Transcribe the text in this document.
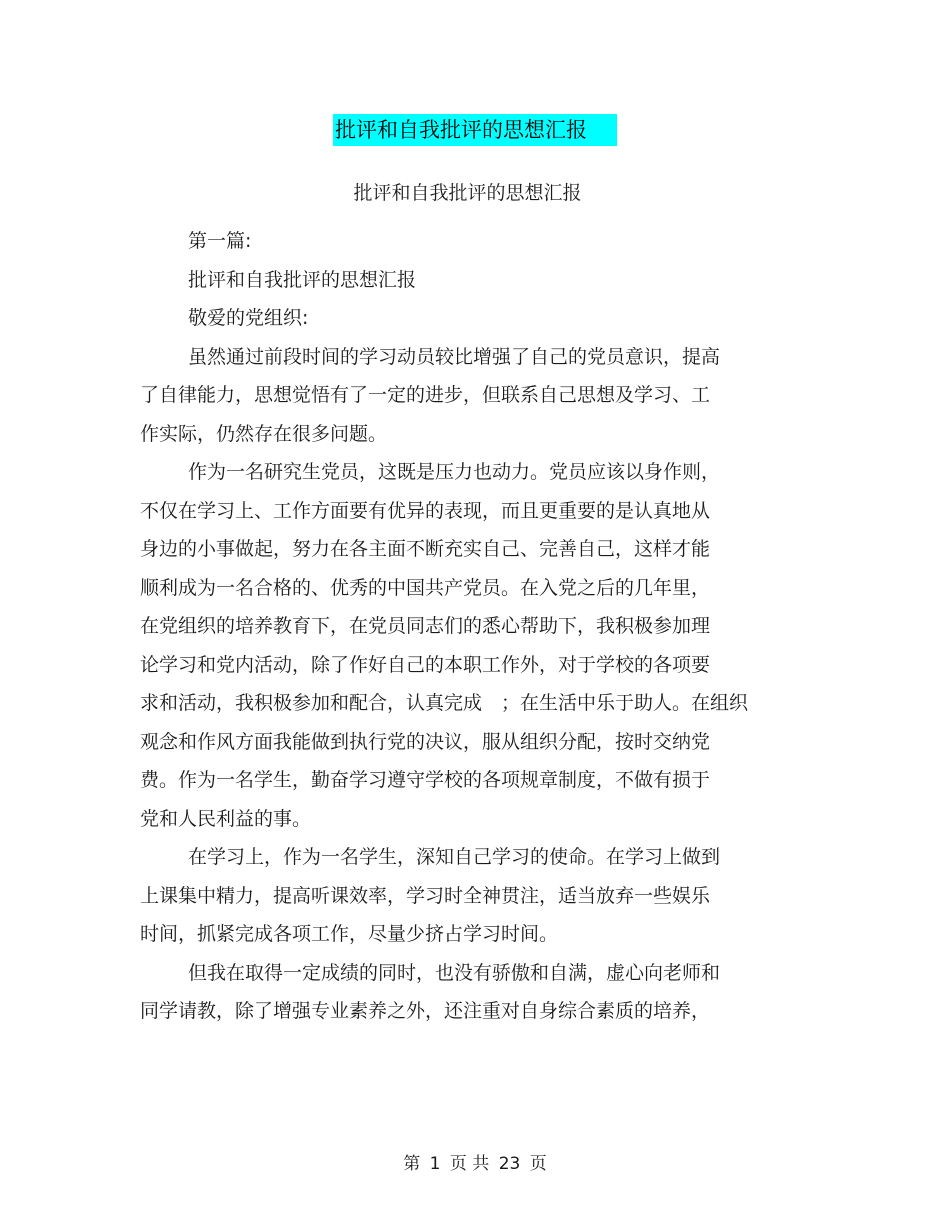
批评和自我批评的思想汇报
批评和自我批评的思想汇报
第一篇:
批评和自我批评的思想汇报
敬爱的党组织:
虽然通过前段时间的学习动员较比增强了自己的党员意识，提高
了自律能力，思想觉悟有了一定的进步，但联系自己思想及学习、工
作实际，仍然存在很多问题。
作为一名研究生党员，这既是压力也动力。党员应该以身作则，
不仅在学习上、工作方面要有优异的表现，而且更重要的是认真地从
身边的小事做起，努力在各主面不断充实自己、完善自己，这样才能
顺利成为一名合格的、优秀的中国共产党员。在入党之后的几年里，
在党组织的培养教育下，在党员同志们的悉心帮助下，我积极参加理
论学习和党内活动，除了作好自己的本职工作外，对于学校的各项要
求和活动，我积极参加和配合，认真完成　；在生活中乐于助人。在组织
观念和作风方面我能做到执行党的决议，服从组织分配，按时交纳党
费。作为一名学生，勤奋学习遵守学校的各项规章制度，不做有损于
党和人民利益的事。
在学习上，作为一名学生，深知自己学习的使命。在学习上做到
上课集中精力，提高听课效率，学习时全神贯注，适当放弃一些娱乐
时间，抓紧完成各项工作，尽量少挤占学习时间。
但我在取得一定成绩的同时，也没有骄傲和自满，虚心向老师和
同学请教，除了增强专业素养之外，还注重对自身综合素质的培养，
第 1 页 共 23 页
